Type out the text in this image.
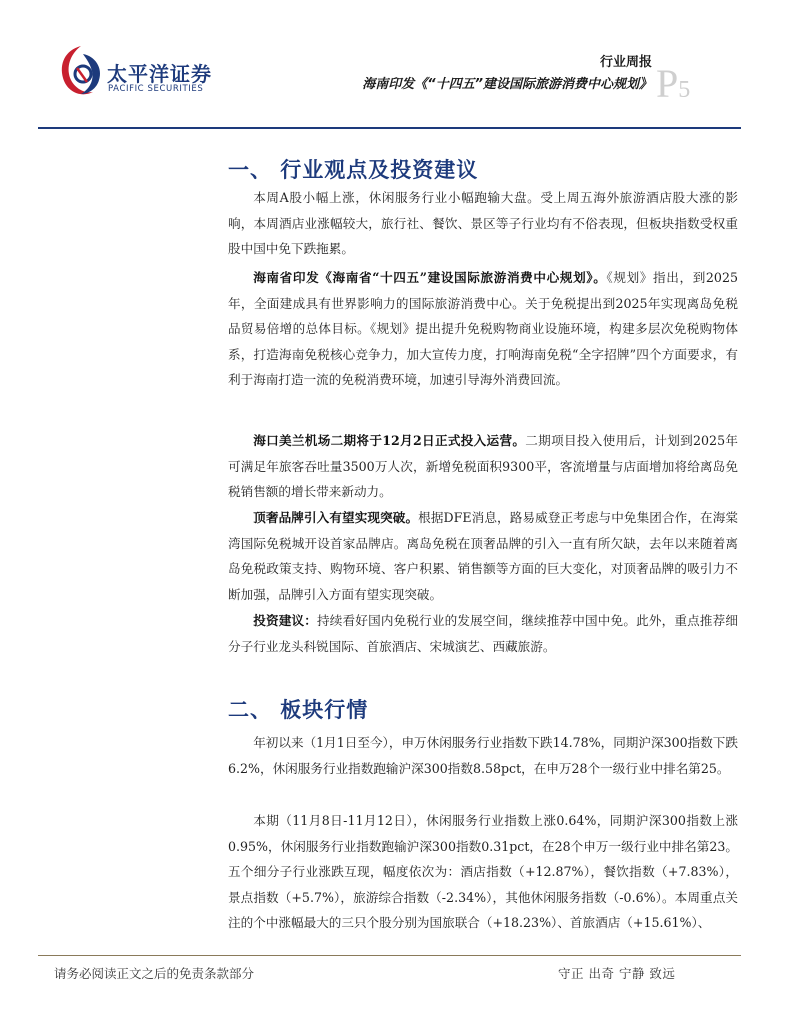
太平洋证券
PACIFIC SECURITIES
行业周报
海南印发《“十四五”建设国际旅游消费中心规划》 P5
一、 行业观点及投资建议

本周A股小幅上涨，休闲服务行业小幅跑输大盘。受上周五海外旅游酒店股大涨的影响，本周酒店业涨幅较大，旅行社、餐饮、景区等子行业均有不俗表现，但板块指数受权重股中国中免下跌拖累。

海南省印发《海南省“十四五”建设国际旅游消费中心规划》。《规划》指出，到2025年，全面建成具有世界影响力的国际旅游消费中心。关于免税提出到2025年实现离岛免税品贸易倍增的总体目标。《规划》提出提升免税购物商业设施环境，构建多层次免税购物体系，打造海南免税核心竞争力，加大宣传力度，打响海南免税“全字招牌”四个方面要求，有利于海南打造一流的免税消费环境，加速引导海外消费回流。

海口美兰机场二期将于12月2日正式投入运营。二期项目投入使用后，计划到2025年可满足年旅客吞吐量3500万人次，新增免税面积9300平，客流增量与店面增加将给离岛免税销售额的增长带来新动力。

顶奢品牌引入有望实现突破。根据DFE消息，路易威登正考虑与中免集团合作，在海棠湾国际免税城开设首家品牌店。离岛免税在顶奢品牌的引入一直有所欠缺，去年以来随着离岛免税政策支持、购物环境、客户积累、销售额等方面的巨大变化，对顶奢品牌的吸引力不断加强，品牌引入方面有望实现突破。

投资建议：持续看好国内免税行业的发展空间，继续推荐中国中免。此外，重点推荐细分子行业龙头科锐国际、首旅酒店、宋城演艺、西藏旅游。

二、 板块行情

年初以来（1月1日至今），申万休闲服务行业指数下跌14.78%，同期沪深300指数下跌6.2%，休闲服务行业指数跑输沪深300指数8.58pct，在申万28个一级行业中排名第25。

本期（11月8日-11月12日），休闲服务行业指数上涨0.64%，同期沪深300指数上涨0.95%，休闲服务行业指数跑输沪深300指数0.31pct，在28个申万一级行业中排名第23。五个细分子行业涨跌互现，幅度依次为：酒店指数（+12.87%），餐饮指数（+7.83%），景点指数（+5.7%），旅游综合指数（-2.34%），其他休闲服务指数（-0.6%）。本周重点关注的个中涨幅最大的三只个股分别为国旅联合（+18.23%）、首旅酒店（+15.61%）、

请务必阅读正文之后的免责条款部分	守正 出奇 宁静 致远
